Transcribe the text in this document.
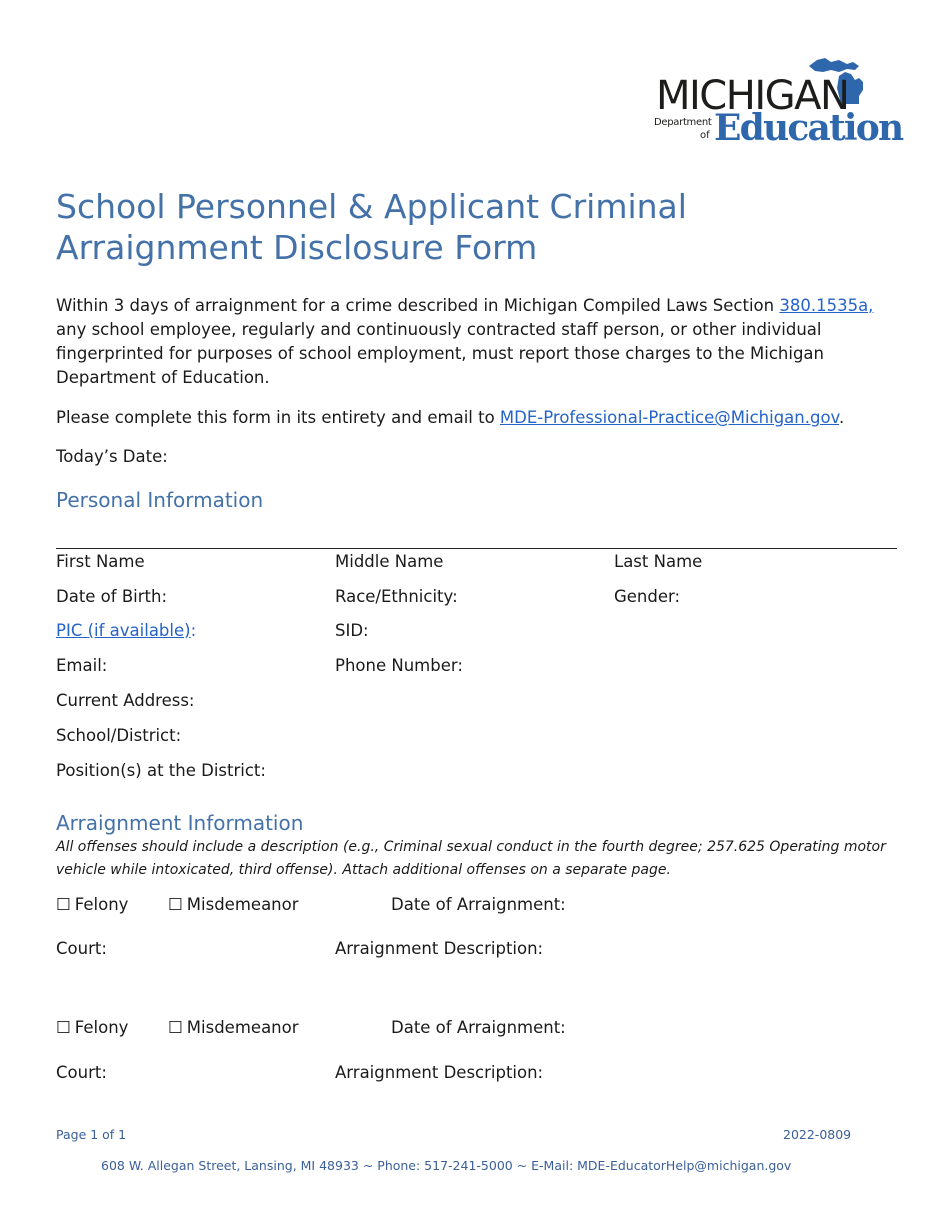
MICHIGAN
Department
of Education
School Personnel & Applicant Criminal Arraignment Disclosure Form
Within 3 days of arraignment for a crime described in Michigan Compiled Laws Section 380.1535a, any school employee, regularly and continuously contracted staff person, or other individual fingerprinted for purposes of school employment, must report those charges to the Michigan Department of Education.
Please complete this form in its entirety and email to MDE-Professional-Practice@Michigan.gov.
Today’s Date:
Personal Information
First Name	Middle Name	Last Name
Date of Birth:	Race/Ethnicity:	Gender:
PIC (if available):	SID:
Email:	Phone Number:
Current Address:
School/District:
Position(s) at the District:
Arraignment Information
All offenses should include a description (e.g., Criminal sexual conduct in the fourth degree; 257.625 Operating motor vehicle while intoxicated, third offense). Attach additional offenses on a separate page.
☐ Felony ☐ Misdemeanor	Date of Arraignment:
Court:	Arraignment Description:
☐ Felony ☐ Misdemeanor	Date of Arraignment:
Court:	Arraignment Description:
Page 1 of 1	2022-0809
608 W. Allegan Street, Lansing, MI 48933 ~ Phone: 517-241-5000 ~ E-Mail: MDE-EducatorHelp@michigan.gov
